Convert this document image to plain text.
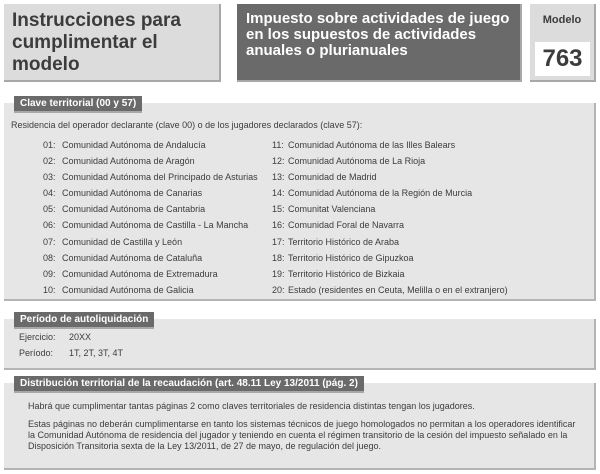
Instrucciones para cumplimentar el modelo
Impuesto sobre actividades de juego en los supuestos de actividades anuales o plurianuales
Modelo
763
Clave territorial (00 y 57)
Residencia del operador declarante (clave 00) o de los jugadores declarados (clave 57):
01: Comunidad Autónoma de Andalucía
02: Comunidad Autónoma de Aragón
03: Comunidad Autónoma del Principado de Asturias
04: Comunidad Autónoma de Canarias
05: Comunidad Autónoma de Cantabria
06: Comunidad Autónoma de Castilla - La Mancha
07: Comunidad de Castilla y León
08: Comunidad Autónoma de Cataluña
09: Comunidad Autónoma de Extremadura
10: Comunidad Autónoma de Galicia
11: Comunidad Autónoma de las Illes Balears
12: Comunidad Autónoma de La Rioja
13: Comunidad de Madrid
14: Comunidad Autónoma de la Región de Murcia
15: Comunitat Valenciana
16: Comunidad Foral de Navarra
17: Territorio Histórico de Araba
18: Territorio Histórico de Gipuzkoa
19: Territorio Histórico de Bizkaia
20: Estado (residentes en Ceuta, Melilla o en el extranjero)
Período de autoliquidación
Ejercicio: 20XX
Período: 1T, 2T, 3T, 4T
Distribución territorial de la recaudación (art. 48.11 Ley 13/2011 (pág. 2)
Habrá que cumplimentar tantas páginas 2 como claves territoriales de residencia distintas tengan los jugadores.
Estas páginas no deberán cumplimentarse en tanto los sistemas técnicos de juego homologados no permitan a los operadores identificar la Comunidad Autónoma de residencia del jugador y teniendo en cuenta el régimen transitorio de la cesión del impuesto señalado en la Disposición Transitoria sexta de la Ley 13/2011, de 27 de mayo, de regulación del juego.
